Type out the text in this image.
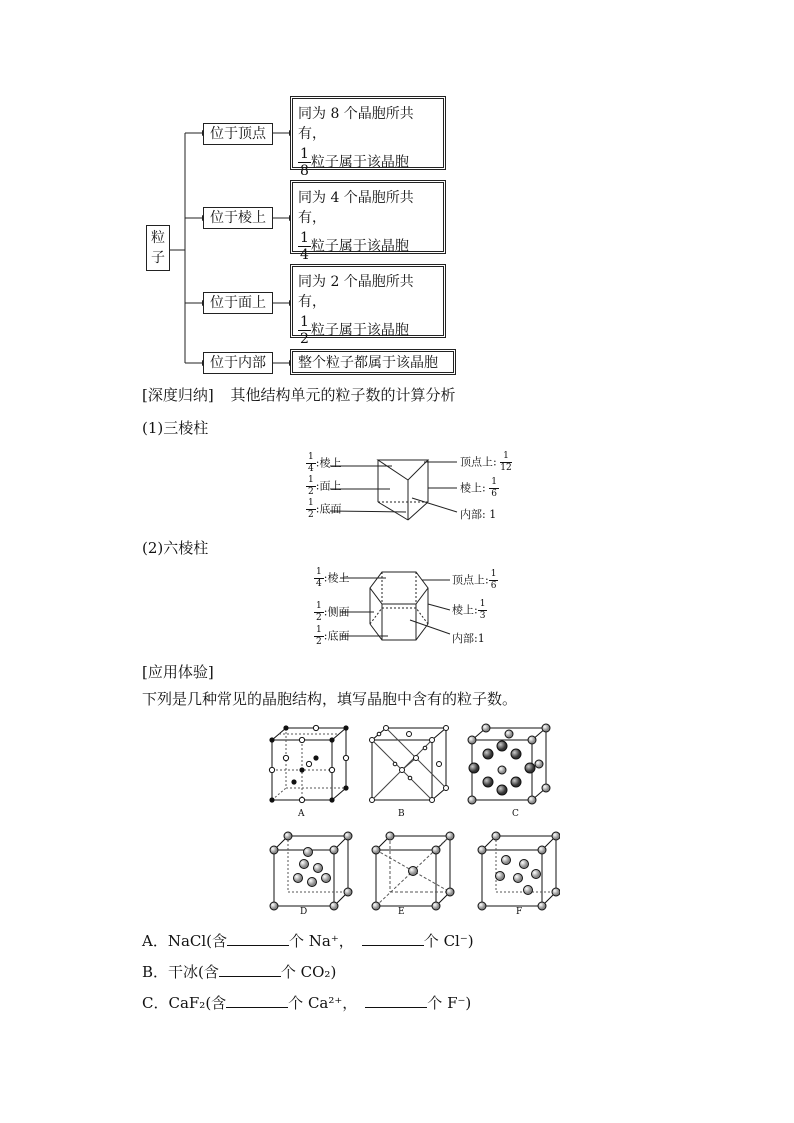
粒
子
位于顶点
位于棱上
位于面上
位于内部
同为 8 个晶胞所共有，
$\frac{1}{8}$ 粒子属于该晶胞
同为 4 个晶胞所共有，
$\frac{1}{4}$ 粒子属于该晶胞
同为 2 个晶胞所共有，
$\frac{1}{2}$ 粒子属于该晶胞
整个粒子都属于该晶胞
[深度归纳] 其他结构单元的粒子数的计算分析
(1)三棱柱
$\frac{1}{4}$ :棱上
$\frac{1}{2}$ :面上
$\frac{1}{2}$ :底面
顶点上: $\frac{1}{12}$
棱上: $\frac{1}{6}$
内部: 1
(2)六棱柱
$\frac{1}{4}$ :棱上
$\frac{1}{2}$ :侧面
$\frac{1}{2}$ :底面
顶点上: $\frac{1}{6}$
棱上: $\frac{1}{3}$
内部:1
[应用体验]
下列是几种常见的晶胞结构，填写晶胞中含有的粒子数。
A	B	C
D	E	F
A．NaCl(含	个 Na⁺，	个 Cl⁻)
B．干冰(含	个 CO₂)
C．CaF₂(含	个 Ca²⁺，	个 F⁻)
